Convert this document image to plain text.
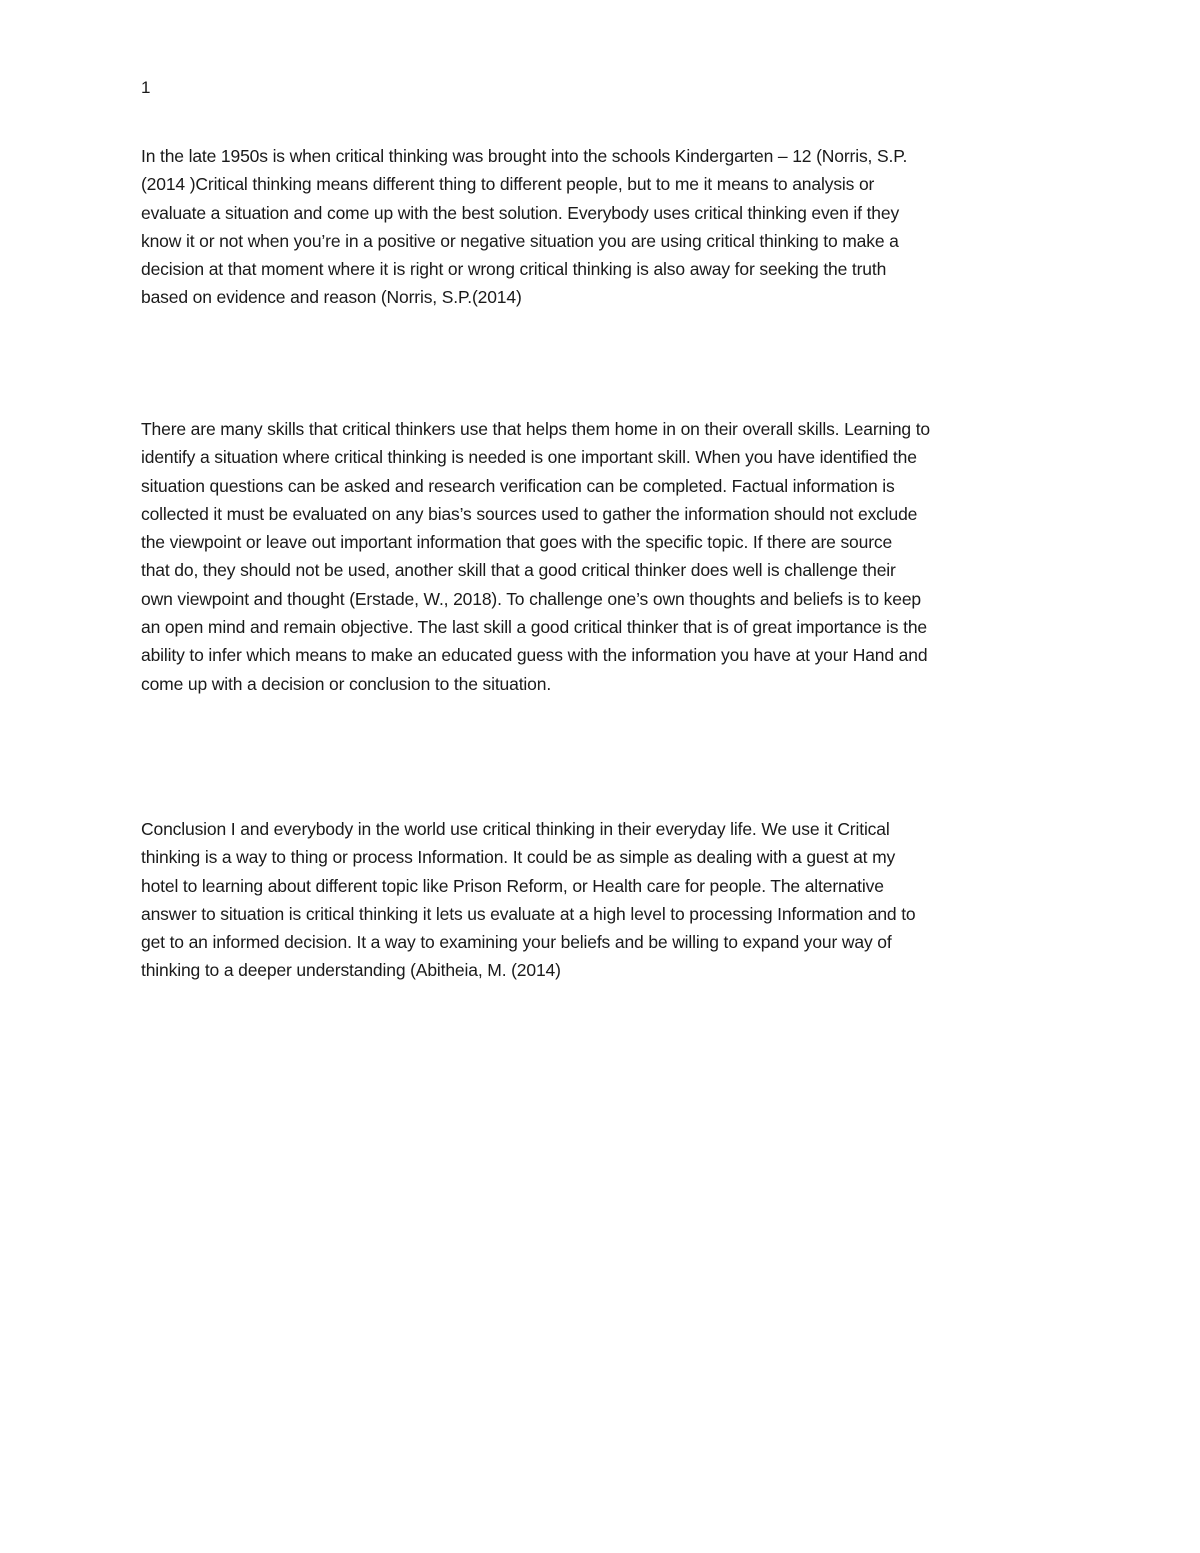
1

In the late 1950s is when critical thinking was brought into the schools Kindergarten – 12 (Norris, S.P.
(2014 )Critical thinking means different thing to different people, but to me it means to analysis or
evaluate a situation and come up with the best solution. Everybody uses critical thinking even if they
know it or not when you’re in a positive or negative situation you are using critical thinking to make a
decision at that moment where it is right or wrong critical thinking is also away for seeking the truth
based on evidence and reason (Norris, S.P.(2014)

There are many skills that critical thinkers use that helps them home in on their overall skills. Learning to
identify a situation where critical thinking is needed is one important skill. When you have identified the
situation questions can be asked and research verification can be completed. Factual information is
collected it must be evaluated on any bias’s sources used to gather the information should not exclude
the viewpoint or leave out important information that goes with the specific topic. If there are source
that do, they should not be used, another skill that a good critical thinker does well is challenge their
own viewpoint and thought (Erstade, W., 2018). To challenge one’s own thoughts and beliefs is to keep
an open mind and remain objective. The last skill a good critical thinker that is of great importance is the
ability to infer which means to make an educated guess with the information you have at your Hand and
come up with a decision or conclusion to the situation.

Conclusion I and everybody in the world use critical thinking in their everyday life. We use it Critical
thinking is a way to thing or process Information. It could be as simple as dealing with a guest at my
hotel to learning about different topic like Prison Reform, or Health care for people. The alternative
answer to situation is critical thinking it lets us evaluate at a high level to processing Information and to
get to an informed decision. It a way to examining your beliefs and be willing to expand your way of
thinking to a deeper understanding (Abitheia, M. (2014)
